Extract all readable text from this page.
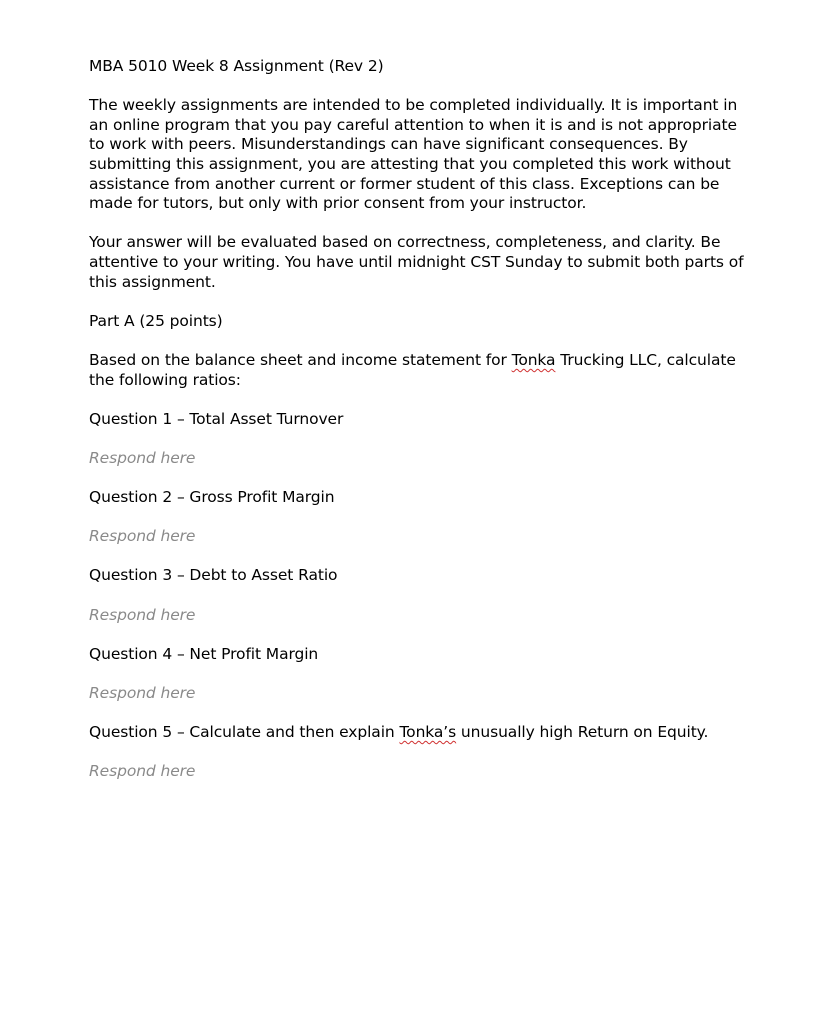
MBA 5010 Week 8 Assignment (Rev 2)

The weekly assignments are intended to be completed individually. It is important in an online program that you pay careful attention to when it is and is not appropriate to work with peers. Misunderstandings can have significant consequences. By submitting this assignment, you are attesting that you completed this work without assistance from another current or former student of this class. Exceptions can be made for tutors, but only with prior consent from your instructor.

Your answer will be evaluated based on correctness, completeness, and clarity. Be attentive to your writing. You have until midnight CST Sunday to submit both parts of this assignment.

Part A (25 points)

Based on the balance sheet and income statement for Tonka Trucking LLC, calculate the following ratios:

Question 1 – Total Asset Turnover

Respond here

Question 2 – Gross Profit Margin

Respond here

Question 3 – Debt to Asset Ratio

Respond here

Question 4 – Net Profit Margin

Respond here

Question 5 – Calculate and then explain Tonka’s unusually high Return on Equity.

Respond here
